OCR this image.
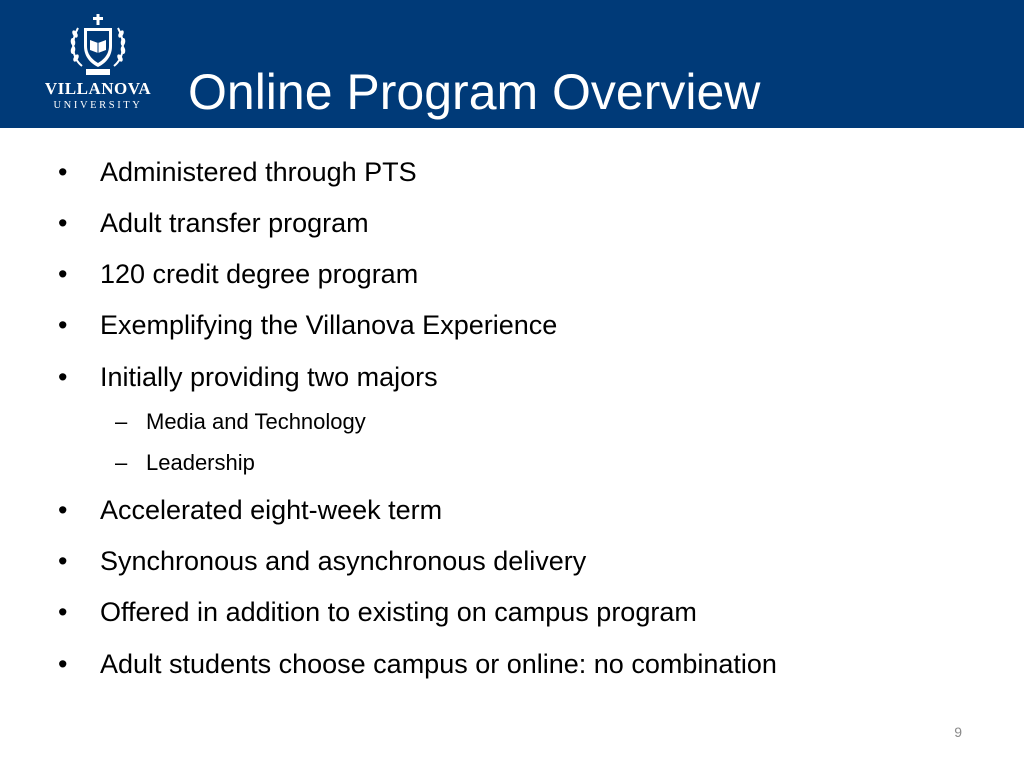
VILLANOVA
UNIVERSITY Online Program Overview
• Administered through PTS
• Adult transfer program
• 120 credit degree program
• Exemplifying the Villanova Experience
• Initially providing two majors
– Media and Technology
– Leadership
• Accelerated eight-week term
• Synchronous and asynchronous delivery
• Offered in addition to existing on campus program
• Adult students choose campus or online: no combination
9
